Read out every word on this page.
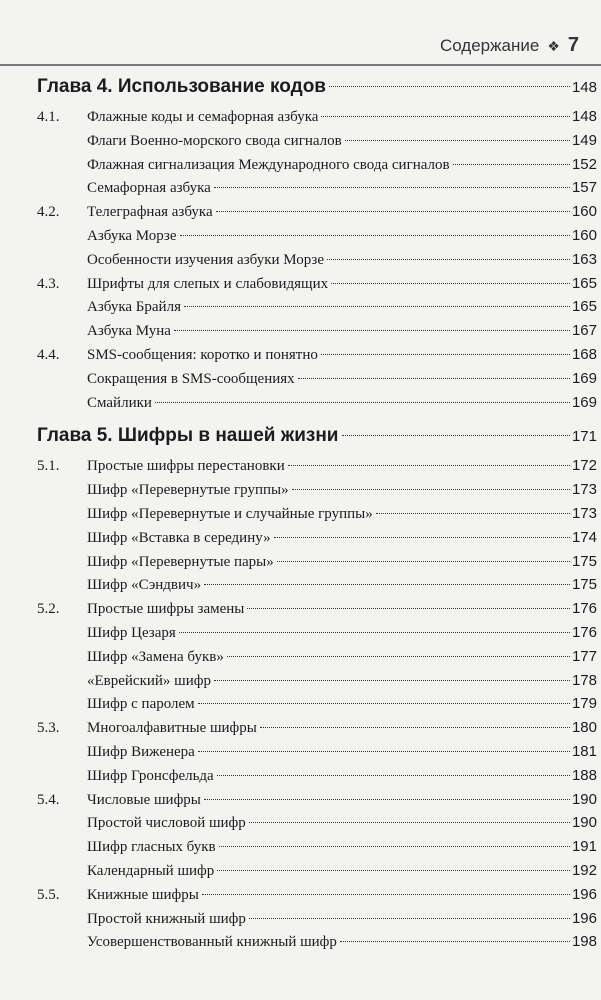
Содержание ❖ 7
Глава 4. Использование кодов	148
4.1.	Флажные коды и семафорная азбука	148
Флаги Военно-морского свода сигналов	149
Флажная сигнализация Международного свода сигналов	152
Семафорная азбука	157
4.2.	Телеграфная азбука	160
Азбука Морзе	160
Особенности изучения азбуки Морзе	163
4.3.	Шрифты для слепых и слабовидящих	165
Азбука Брайля	165
Азбука Муна	167
4.4.	SMS-сообщения: коротко и понятно	168
Сокращения в SMS-сообщениях	169
Смайлики	169
Глава 5. Шифры в нашей жизни	171
5.1.	Простые шифры перестановки	172
Шифр «Перевернутые группы»	173
Шифр «Перевернутые и случайные группы»	173
Шифр «Вставка в середину»	174
Шифр «Перевернутые пары»	175
Шифр «Сэндвич»	175
5.2.	Простые шифры замены	176
Шифр Цезаря	176
Шифр «Замена букв»	177
«Еврейский» шифр	178
Шифр с паролем	179
5.3.	Многоалфавитные шифры	180
Шифр Виженера	181
Шифр Гронсфельда	188
5.4.	Числовые шифры	190
Простой числовой шифр	190
Шифр гласных букв	191
Календарный шифр	192
5.5.	Книжные шифры	196
Простой книжный шифр	196
Усовершенствованный книжный шифр	198
